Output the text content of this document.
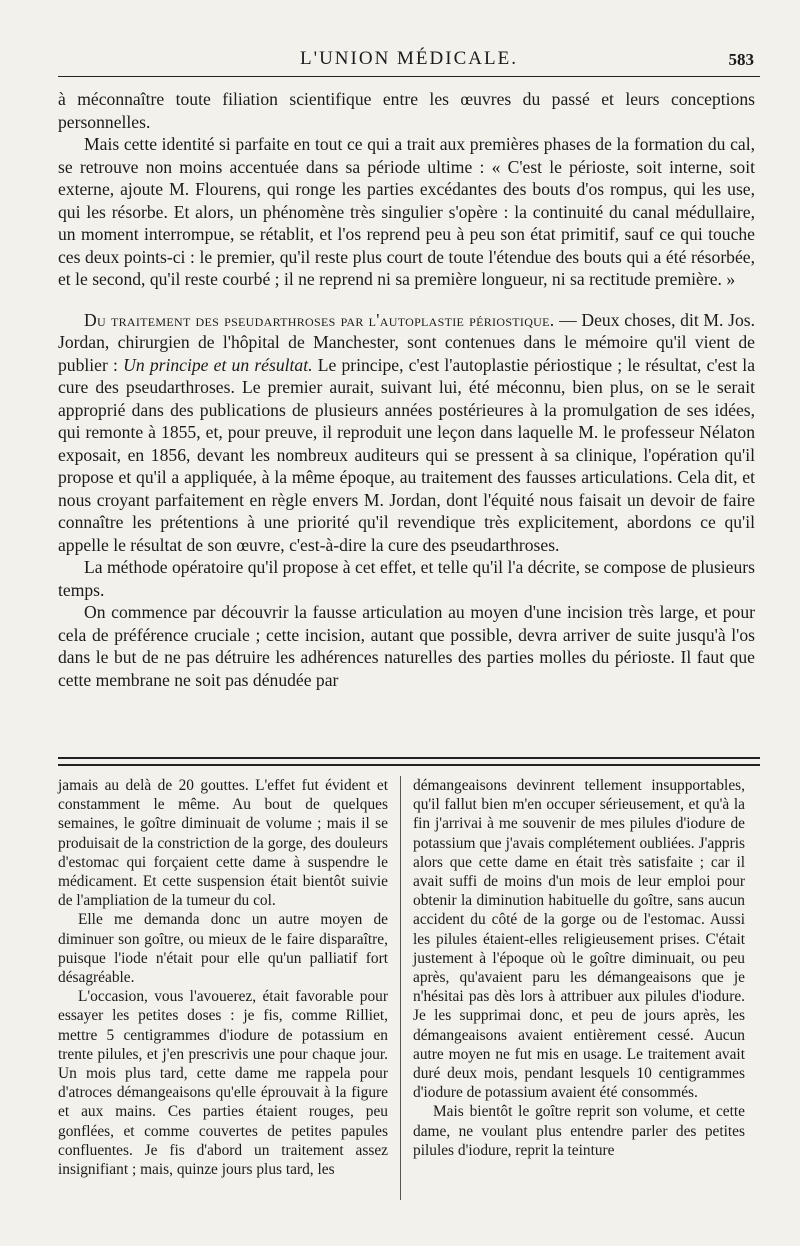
L'UNION MÉDICALE.	583

à méconnaître toute filiation scientifique entre les œuvres du passé et leurs conceptions personnelles.

Mais cette identité si parfaite en tout ce qui a trait aux premières phases de la formation du cal, se retrouve non moins accentuée dans sa période ultime : « C'est le périoste, soit interne, soit externe, ajoute M. Flourens, qui ronge les parties excédantes des bouts d'os rompus, qui les use, qui les résorbe. Et alors, un phénomène très singulier s'opère : la continuité du canal médullaire, un moment interrompue, se rétablit, et l'os reprend peu à peu son état primitif, sauf ce qui touche ces deux points-ci : le premier, qu'il reste plus court de toute l'étendue des bouts qui a été résorbée, et le second, qu'il reste courbé ; il ne reprend ni sa première longueur, ni sa rectitude première. »

Du traitement des pseudarthroses par l'autoplastie périostique. — Deux choses, dit M. Jos. Jordan, chirurgien de l'hôpital de Manchester, sont contenues dans le mémoire qu'il vient de publier : Un principe et un résultat. Le principe, c'est l'autoplastie périostique ; le résultat, c'est la cure des pseudarthroses. Le premier aurait, suivant lui, été méconnu, bien plus, on se le serait approprié dans des publications de plusieurs années postérieures à la promulgation de ses idées, qui remonte à 1855, et, pour preuve, il reproduit une leçon dans laquelle M. le professeur Nélaton exposait, en 1856, devant les nombreux auditeurs qui se pressent à sa clinique, l'opération qu'il propose et qu'il a appliquée, à la même époque, au traitement des fausses articulations. Cela dit, et nous croyant parfaitement en règle envers M. Jordan, dont l'équité nous faisait un devoir de faire connaître les prétentions à une priorité qu'il revendique très explicitement, abordons ce qu'il appelle le résultat de son œuvre, c'est-à-dire la cure des pseudarthroses.

La méthode opératoire qu'il propose à cet effet, et telle qu'il l'a décrite, se compose de plusieurs temps.

On commence par découvrir la fausse articulation au moyen d'une incision très large, et pour cela de préférence cruciale ; cette incision, autant que possible, devra arriver de suite jusqu'à l'os dans le but de ne pas détruire les adhérences naturelles des parties molles du périoste. Il faut que cette membrane ne soit pas dénudée par

jamais au delà de 20 gouttes. L'effet fut évident et constamment le même. Au bout de quelques semaines, le goître diminuait de volume ; mais il se produisait de la constriction de la gorge, des douleurs d'estomac qui forçaient cette dame à suspendre le médicament. Et cette suspension était bientôt suivie de l'ampliation de la tumeur du col.

Elle me demanda donc un autre moyen de diminuer son goître, ou mieux de le faire disparaître, puisque l'iode n'était pour elle qu'un palliatif fort désagréable.

L'occasion, vous l'avouerez, était favorable pour essayer les petites doses : je fis, comme Rilliet, mettre 5 centigrammes d'iodure de potassium en trente pilules, et j'en prescrivis une pour chaque jour. Un mois plus tard, cette dame me rappela pour d'atroces démangeaisons qu'elle éprouvait à la figure et aux mains. Ces parties étaient rouges, peu gonflées, et comme couvertes de petites papules confluentes. Je fis d'abord un traitement assez insignifiant ; mais, quinze jours plus tard, les

démangeaisons devinrent tellement insupportables, qu'il fallut bien m'en occuper sérieusement, et qu'à la fin j'arrivai à me souvenir de mes pilules d'iodure de potassium que j'avais complétement oubliées. J'appris alors que cette dame en était très satisfaite ; car il avait suffi de moins d'un mois de leur emploi pour obtenir la diminution habituelle du goître, sans aucun accident du côté de la gorge ou de l'estomac. Aussi les pilules étaient-elles religieusement prises. C'était justement à l'époque où le goître diminuait, ou peu après, qu'avaient paru les démangeaisons que je n'hésitai pas dès lors à attribuer aux pilules d'iodure. Je les supprimai donc, et peu de jours après, les démangeaisons avaient entièrement cessé. Aucun autre moyen ne fut mis en usage. Le traitement avait duré deux mois, pendant lesquels 10 centigrammes d'iodure de potassium avaient été consommés.

Mais bientôt le goître reprit son volume, et cette dame, ne voulant plus entendre parler des petites pilules d'iodure, reprit la teinture
